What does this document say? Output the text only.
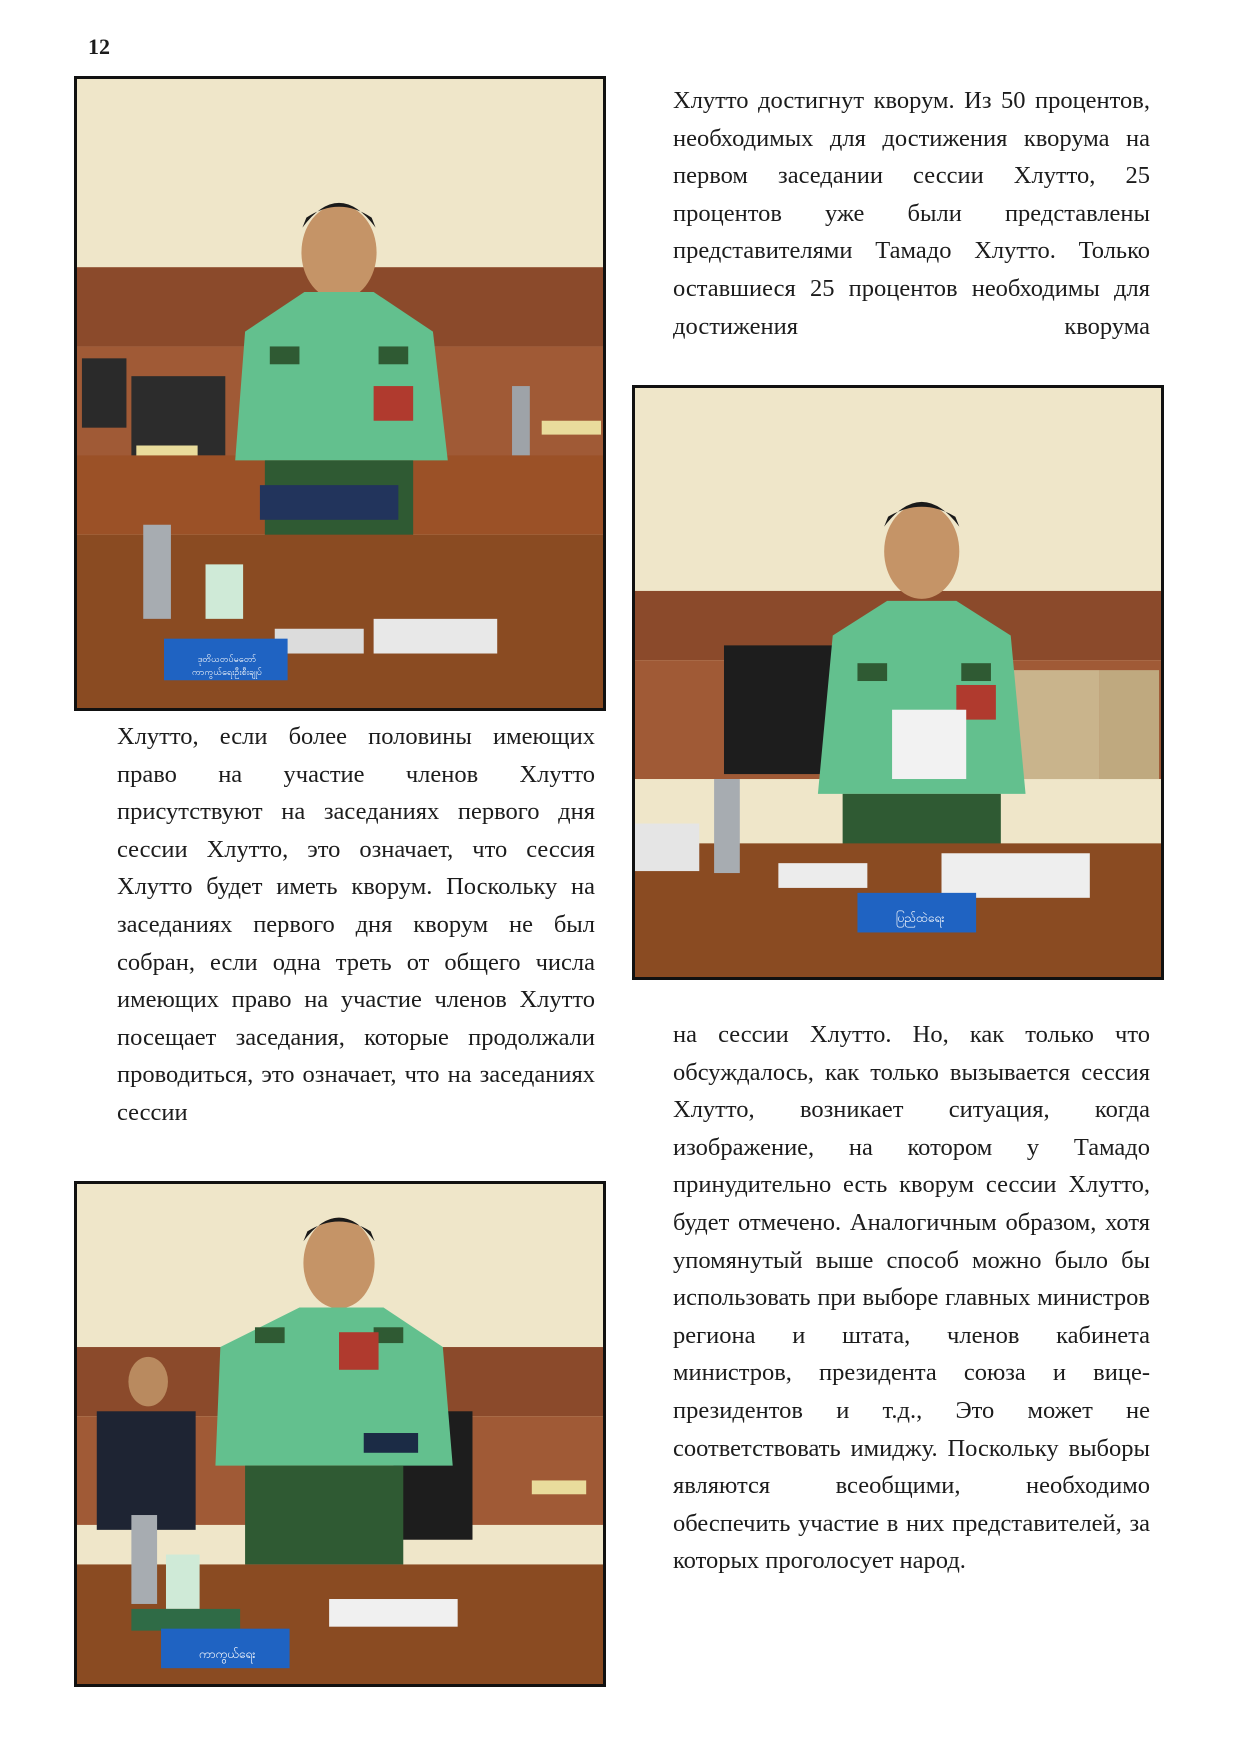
12

Хлутто достигнут кворум. Из 50 процентов, необходимых для достижения кворума на первом заседании сессии Хлутто, 25 процентов уже были представлены представителями Тамадо Хлутто. Только оставшиеся 25 процентов необходимы для достижения кворума

Хлутто, если более половины имеющих право на участие членов Хлутто присутствуют на заседаниях первого дня сессии Хлутто, это означает, что сессия Хлутто будет иметь кворум. Поскольку на заседаниях первого дня кворум не был собран, если одна треть от общего числа имеющих право на участие членов Хлутто посещает заседания, которые продолжали проводиться, это означает, что на заседаниях сессии

на сессии Хлутто. Но, как только что обсуждалось, как только вызывается сессия Хлутто, возникает ситуация, когда изображение, на котором у Тамадо принудительно есть кворум сессии Хлутто, будет отмечено. Аналогичным образом, хотя упомянутый выше способ можно было бы использовать при выборе главных министров региона и штата, членов кабинета министров, президента союза и вице-президентов и т.д., Это может не соответствовать имиджу. Поскольку выборы являются всеобщими, необходимо обеспечить участие в них представителей, за которых проголосует народ.

ဒုတိယတပ်မတော်ကာကွယ်ရေးဦးစီးချုပ်
ပြည်ထဲရေး
ကာကွယ်ရေး
